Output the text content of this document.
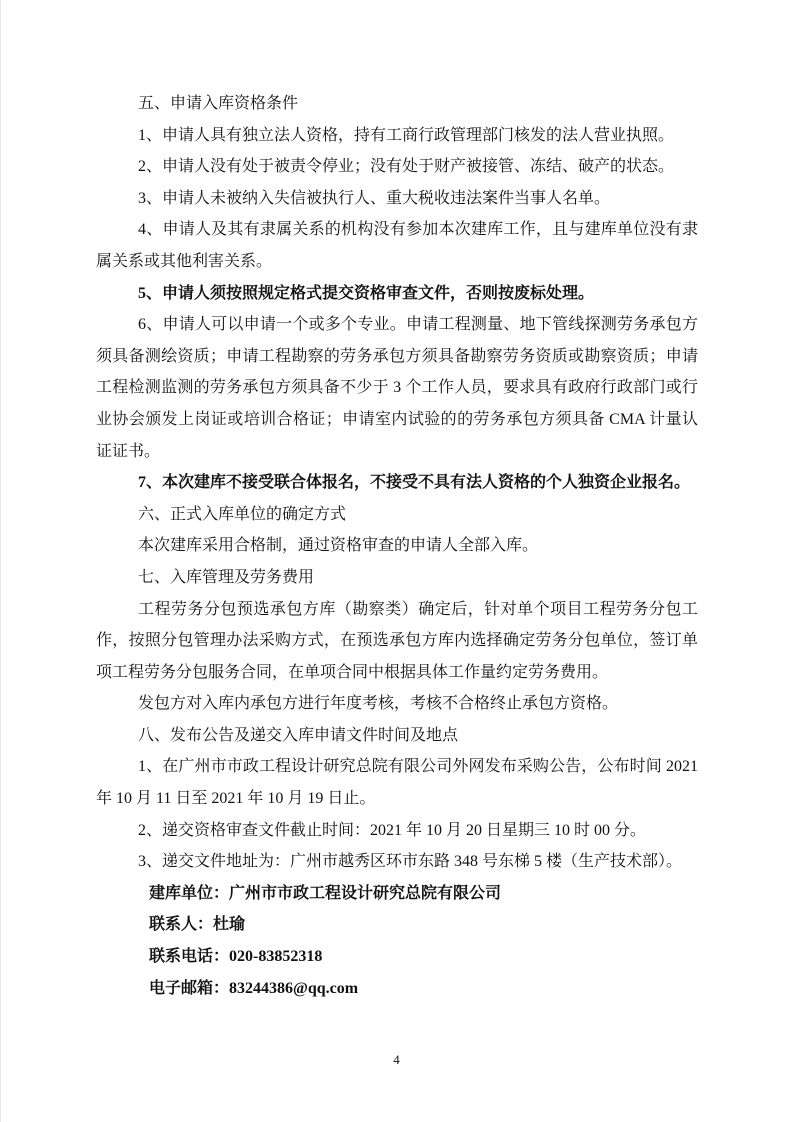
五、申请入库资格条件

1、申请人具有独立法人资格，持有工商行政管理部门核发的法人营业执照。

2、申请人没有处于被责令停业；没有处于财产被接管、冻结、破产的状态。

3、申请人未被纳入失信被执行人、重大税收违法案件当事人名单。

4、申请人及其有隶属关系的机构没有参加本次建库工作，且与建库单位没有隶属关系或其他利害关系。

5、申请人须按照规定格式提交资格审查文件，否则按废标处理。

6、申请人可以申请一个或多个专业。申请工程测量、地下管线探测劳务承包方须具备测绘资质；申请工程勘察的劳务承包方须具备勘察劳务资质或勘察资质；申请工程检测监测的劳务承包方须具备不少于 3 个工作人员，要求具有政府行政部门或行业协会颁发上岗证或培训合格证；申请室内试验的的劳务承包方须具备 CMA 计量认证证书。

7、本次建库不接受联合体报名，不接受不具有法人资格的个人独资企业报名。

六、正式入库单位的确定方式

本次建库采用合格制，通过资格审查的申请人全部入库。

七、入库管理及劳务费用

工程劳务分包预选承包方库（勘察类）确定后，针对单个项目工程劳务分包工作，按照分包管理办法采购方式，在预选承包方库内选择确定劳务分包单位，签订单项工程劳务分包服务合同，在单项合同中根据具体工作量约定劳务费用。

发包方对入库内承包方进行年度考核，考核不合格终止承包方资格。

八、发布公告及递交入库申请文件时间及地点

1、在广州市市政工程设计研究总院有限公司外网发布采购公告，公布时间 2021 年 10 月 11 日至 2021 年 10 月 19 日止。

2、递交资格审查文件截止时间：2021 年 10 月 20 日星期三 10 时 00 分。

3、递交文件地址为：广州市越秀区环市东路 348 号东梯 5 楼（生产技术部）。

建库单位：广州市市政工程设计研究总院有限公司

联系人：杜瑜

联系电话：020-83852318

电子邮箱：83244386@qq.com

4
